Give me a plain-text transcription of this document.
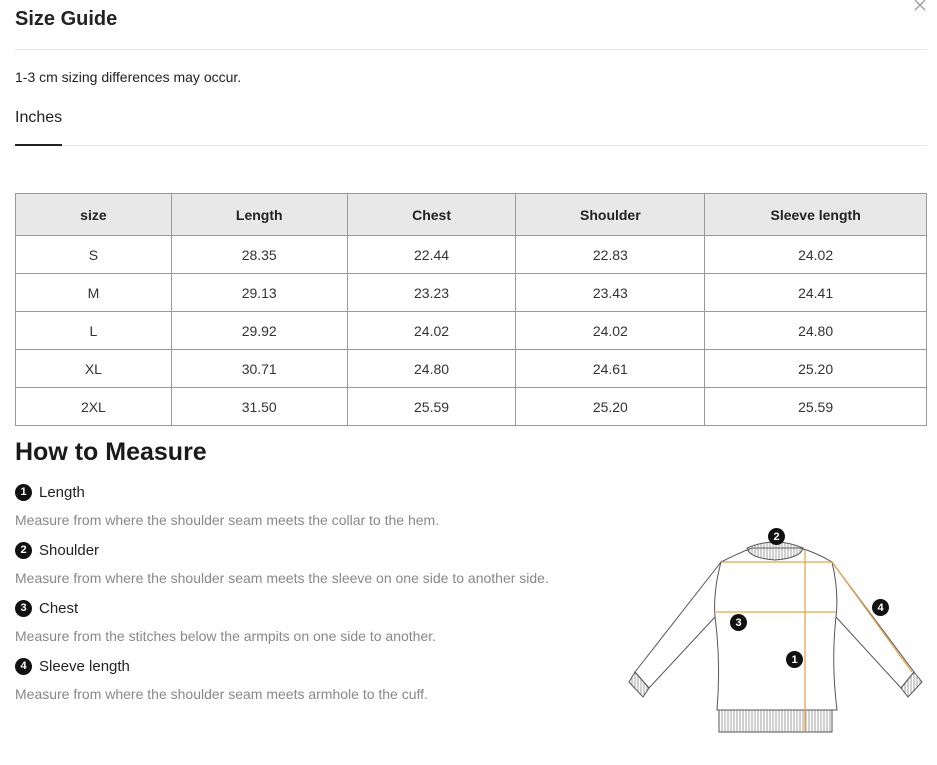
Size Guide
1-3 cm sizing differences may occur.
Inches
size	Length	Chest	Shoulder	Sleeve length
S	28.35	22.44	22.83	24.02
M	29.13	23.23	23.43	24.41
L	29.92	24.02	24.02	24.80
XL	30.71	24.80	24.61	25.20
2XL	31.50	25.59	25.20	25.59
How to Measure
1 Length
Measure from where the shoulder seam meets the collar to the hem.
2 Shoulder
Measure from where the shoulder seam meets the sleeve on one side to another side.
3 Chest
Measure from the stitches below the armpits on one side to another.
4 Sleeve length
Measure from where the shoulder seam meets armhole to the cuff.
2
3
1
4
